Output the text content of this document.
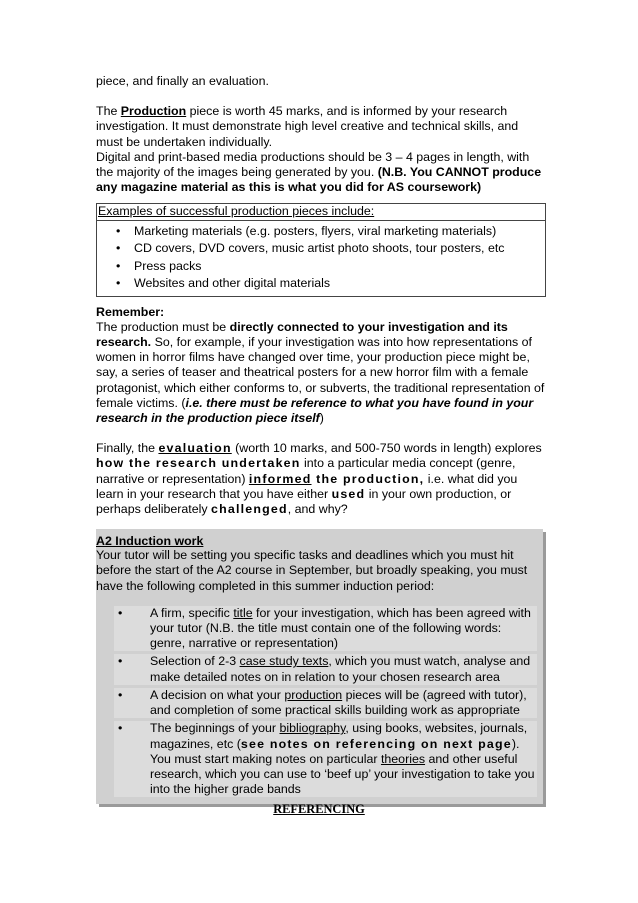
piece, and finally an evaluation.

The Production piece is worth 45 marks, and is informed by your research investigation. It must demonstrate high level creative and technical skills, and must be undertaken individually.

Digital and print-based media productions should be 3 – 4 pages in length, with the majority of the images being generated by you. (N.B. You CANNOT produce any magazine material as this is what you did for AS coursework)

Examples of successful production pieces include:
• Marketing materials (e.g. posters, flyers, viral marketing materials)
• CD covers, DVD covers, music artist photo shoots, tour posters, etc
• Press packs
• Websites and other digital materials

Remember:

The production must be directly connected to your investigation and its research. So, for example, if your investigation was into how representations of women in horror films have changed over time, your production piece might be, say, a series of teaser and theatrical posters for a new horror film with a female protagonist, which either conforms to, or subverts, the traditional representation of female victims. (i.e. there must be reference to what you have found in your research in the production piece itself)

Finally, the evaluation (worth 10 marks, and 500-750 words in length) explores how the research undertaken into a particular media concept (genre, narrative or representation) informed the production, i.e. what did you learn in your research that you have either used in your own production, or perhaps deliberately challenged, and why?

A2 Induction work
Your tutor will be setting you specific tasks and deadlines which you must hit before the start of the A2 course in September, but broadly speaking, you must have the following completed in this summer induction period:
• A firm, specific title for your investigation, which has been agreed with your tutor (N.B. the title must contain one of the following words: genre, narrative or representation)
• Selection of 2-3 case study texts, which you must watch, analyse and make detailed notes on in relation to your chosen research area
• A decision on what your production pieces will be (agreed with tutor), and completion of some practical skills building work as appropriate
• The beginnings of your bibliography, using books, websites, journals, magazines, etc (see notes on referencing on next page). You must start making notes on particular theories and other useful research, which you can use to ‘beef up’ your investigation to take you into the higher grade bands
REFERENCING
